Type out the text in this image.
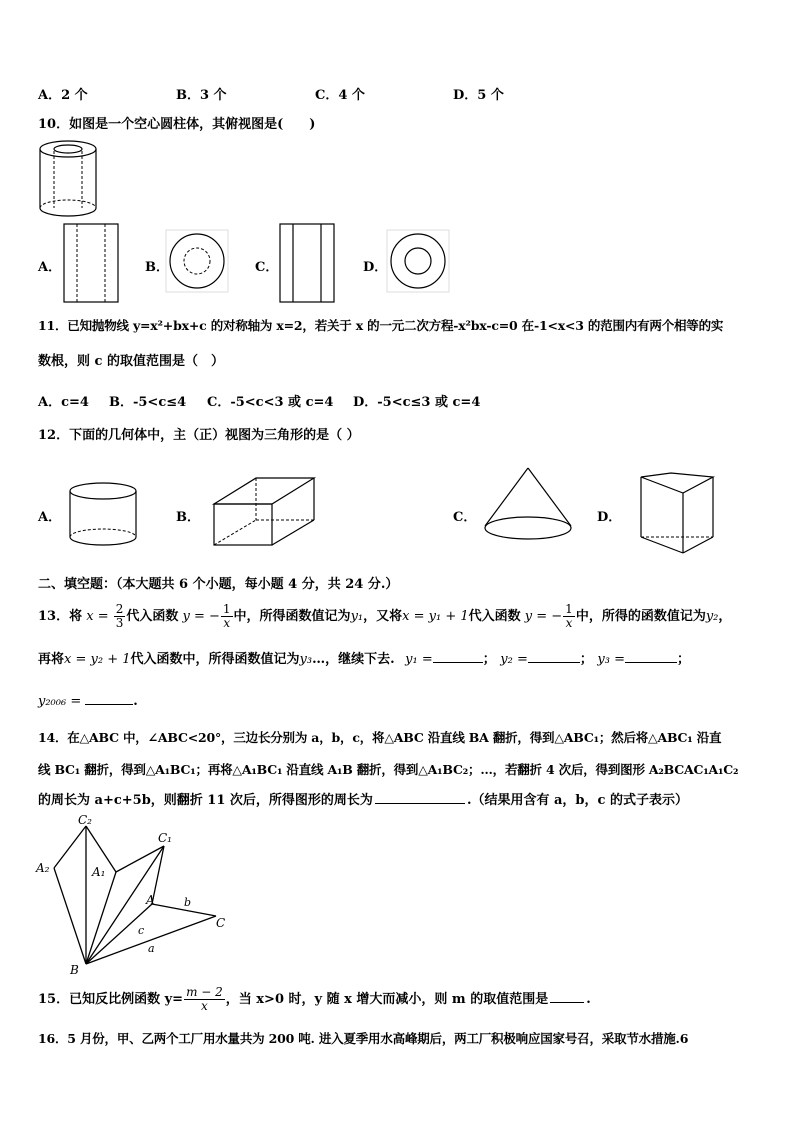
A．2 个	B．3 个	C．4 个	D．5 个
10．如图是一个空心圆柱体，其俯视图是(　　)
A．	B．	C．	D．
11．已知抛物线 y=x²+bx+c 的对称轴为 x=2，若关于 x 的一元二次方程-x²bx-c=0 在-1<x<3 的范围内有两个相等的实
数根，则 c 的取值范围是（　）
A．c=4 B．-5<c≤4 C．-5<c<3 或 c=4 D．-5<c≤3 或 c=4
12．下面的几何体中，主（正）视图为三角形的是（ ）
A．	B．	C．	D．
二、填空题：（本大题共 6 个小题，每小题 4 分，共 24 分.）
13．将 $x = \frac{2}{3}$ 代入函数 y = − $\frac{1}{x}$ 中，所得函数值记为y₁，又将x = y₁ + 1代入函数 y = − $\frac{1}{x}$ 中，所得的函数值记为y₂，
再将x = y₂ + 1代入函数中，所得函数值记为y₃…，继续下去. y₁ =	； y₂ =	； y₃ =	；
y₂₀₀₆ =	.
14．在△ABC 中，∠ABC<20°，三边长分别为 a，b，c，将△ABC 沿直线 BA 翻折，得到△ABC₁；然后将△ABC₁ 沿直
线 BC₁ 翻折，得到△A₁BC₁；再将△A₁BC₁ 沿直线 A₁B 翻折，得到△A₁BC₂；…，若翻折 4 次后，得到图形 A₂BCAC₁A₁C₂
的周长为 a+c+5b，则翻折 11 次后，所得图形的周长为	.（结果用含有 a，b，c 的式子表示）
C₂
C₁
A₂	A₁
A
B
C
b
c
a
15．已知反比例函数 $y= \frac{m - 2}{x}$ ，当 x>0 时，y 随 x 增大而减小，则 m 的取值范围是	.
16．5 月份，甲、乙两个工厂用水量共为 200 吨. 进入夏季用水高峰期后，两工厂积极响应国家号召，采取节水措施.6
